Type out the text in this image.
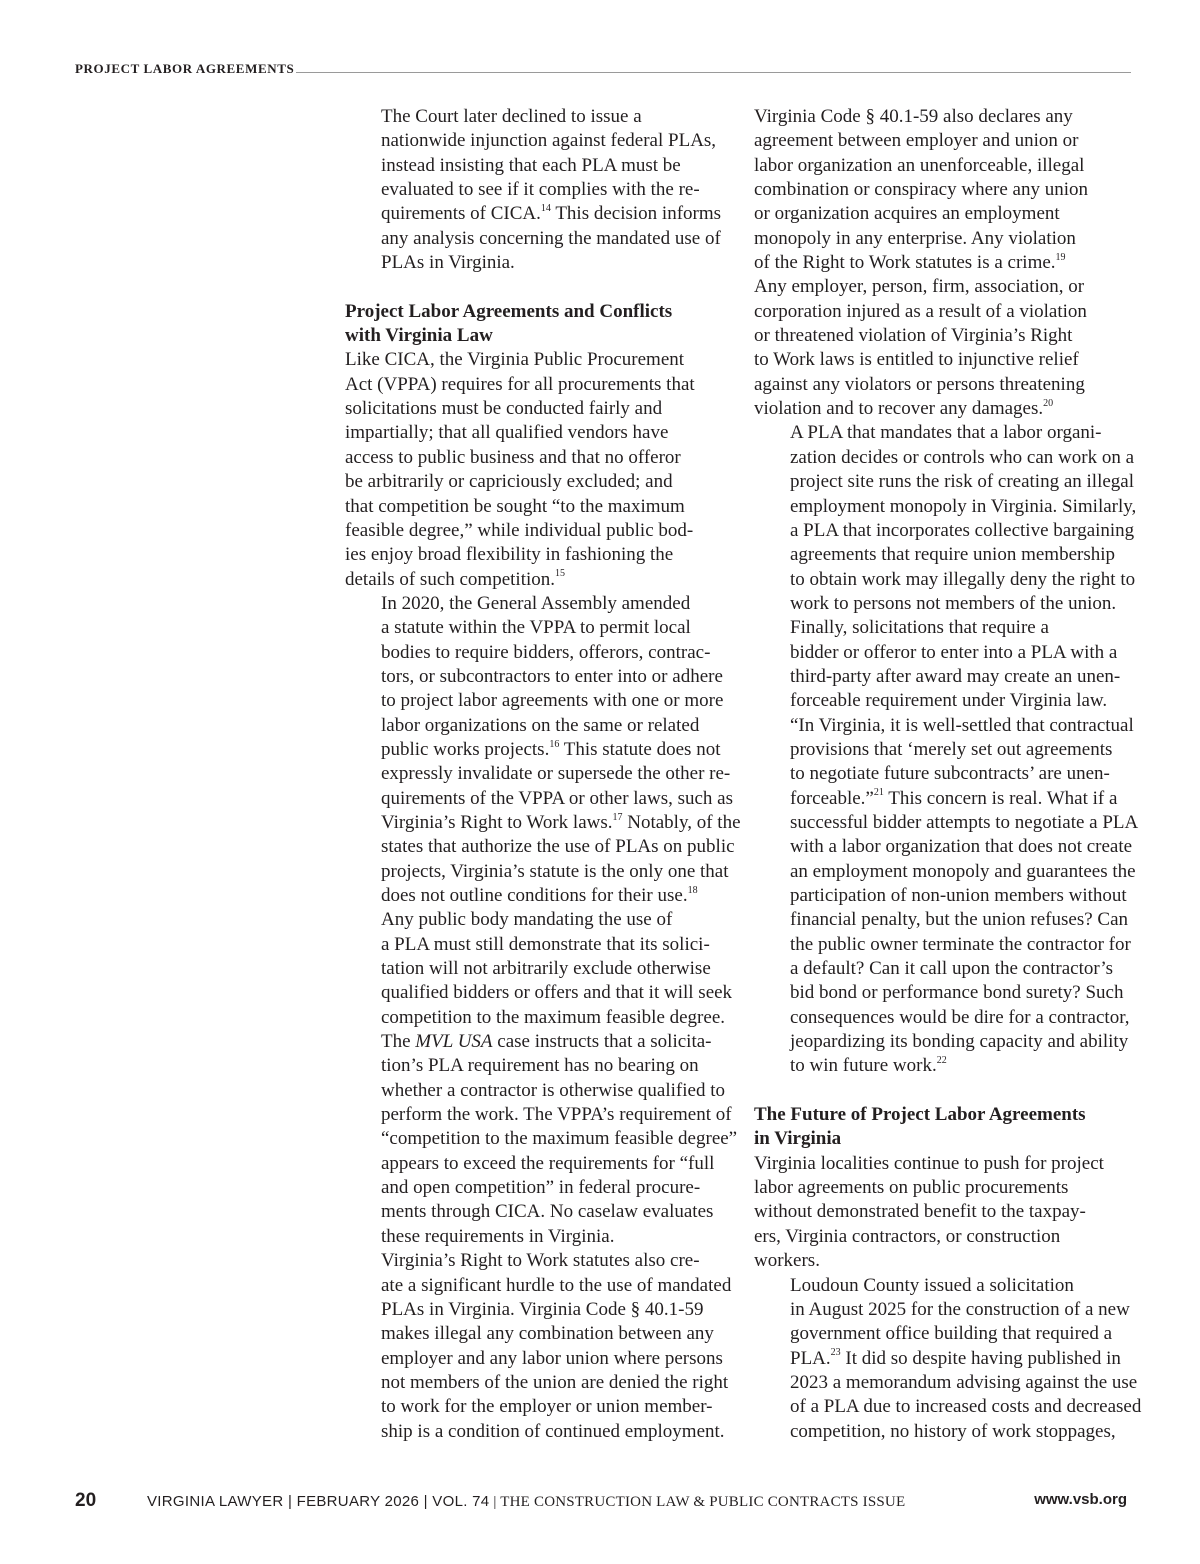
PROJECT LABOR AGREEMENTS

The Court later declined to issue a
nationwide injunction against federal PLAs,
instead insisting that each PLA must be
evaluated to see if it complies with the re-
quirements of CICA.$^{14}$ This decision informs
any analysis concerning the mandated use of
PLAs in Virginia.

Project Labor Agreements and Conflicts
with Virginia Law

Like CICA, the Virginia Public Procurement
Act (VPPA) requires for all procurements that
solicitations must be conducted fairly and
impartially; that all qualified vendors have
access to public business and that no offeror
be arbitrarily or capriciously excluded; and
that competition be sought “to the maximum
feasible degree,” while individual public bod-
ies enjoy broad flexibility in fashioning the
details of such competition.$^{15}$

In 2020, the General Assembly amended
a statute within the VPPA to permit local
bodies to require bidders, offerors, contrac-
tors, or subcontractors to enter into or adhere
to project labor agreements with one or more
labor organizations on the same or related
public works projects.$^{16}$ This statute does not
expressly invalidate or supersede the other re-
quirements of the VPPA or other laws, such as
Virginia’s Right to Work laws.$^{17}$ Notably, of the
states that authorize the use of PLAs on public
projects, Virginia’s statute is the only one that
does not outline conditions for their use.$^{18}$

Any public body mandating the use of
a PLA must still demonstrate that its solici-
tation will not arbitrarily exclude otherwise
qualified bidders or offers and that it will seek
competition to the maximum feasible degree.
The MVL USA case instructs that a solicita-
tion’s PLA requirement has no bearing on
whether a contractor is otherwise qualified to
perform the work. The VPPA’s requirement of
“competition to the maximum feasible degree”
appears to exceed the requirements for “full
and open competition” in federal procure-
ments through CICA. No caselaw evaluates
these requirements in Virginia.

Virginia’s Right to Work statutes also cre-
ate a significant hurdle to the use of mandated
PLAs in Virginia. Virginia Code § 40.1-59
makes illegal any combination between any
employer and any labor union where persons
not members of the union are denied the right
to work for the employer or union member-
ship is a condition of continued employment.

Virginia Code § 40.1-59 also declares any
agreement between employer and union or
labor organization an unenforceable, illegal
combination or conspiracy where any union
or organization acquires an employment
monopoly in any enterprise. Any violation
of the Right to Work statutes is a crime.$^{19}$
Any employer, person, firm, association, or
corporation injured as a result of a violation
or threatened violation of Virginia’s Right
to Work laws is entitled to injunctive relief
against any violators or persons threatening
violation and to recover any damages.$^{20}$

A PLA that mandates that a labor organi-
zation decides or controls who can work on a
project site runs the risk of creating an illegal
employment monopoly in Virginia. Similarly,
a PLA that incorporates collective bargaining
agreements that require union membership
to obtain work may illegally deny the right to
work to persons not members of the union.

Finally, solicitations that require a
bidder or offeror to enter into a PLA with a
third-party after award may create an unen-
forceable requirement under Virginia law.
“In Virginia, it is well-settled that contractual
provisions that ‘merely set out agreements
to negotiate future subcontracts’ are unen-
forceable.”$^{21}$ This concern is real. What if a
successful bidder attempts to negotiate a PLA
with a labor organization that does not create
an employment monopoly and guarantees the
participation of non-union members without
financial penalty, but the union refuses? Can
the public owner terminate the contractor for
a default? Can it call upon the contractor’s
bid bond or performance bond surety? Such
consequences would be dire for a contractor,
jeopardizing its bonding capacity and ability
to win future work.$^{22}$

The Future of Project Labor Agreements
in Virginia

Virginia localities continue to push for project
labor agreements on public procurements
without demonstrated benefit to the taxpay-
ers, Virginia contractors, or construction
workers.

Loudoun County issued a solicitation
in August 2025 for the construction of a new
government office building that required a
PLA.$^{23}$ It did so despite having published in
2023 a memorandum advising against the use
of a PLA due to increased costs and decreased
competition, no history of work stoppages,

20	VIRGINIA LAWYER | FEBRUARY 2026 | VOL. 74 | THE CONSTRUCTION LAW & PUBLIC CONTRACTS ISSUE	www.vsb.org
